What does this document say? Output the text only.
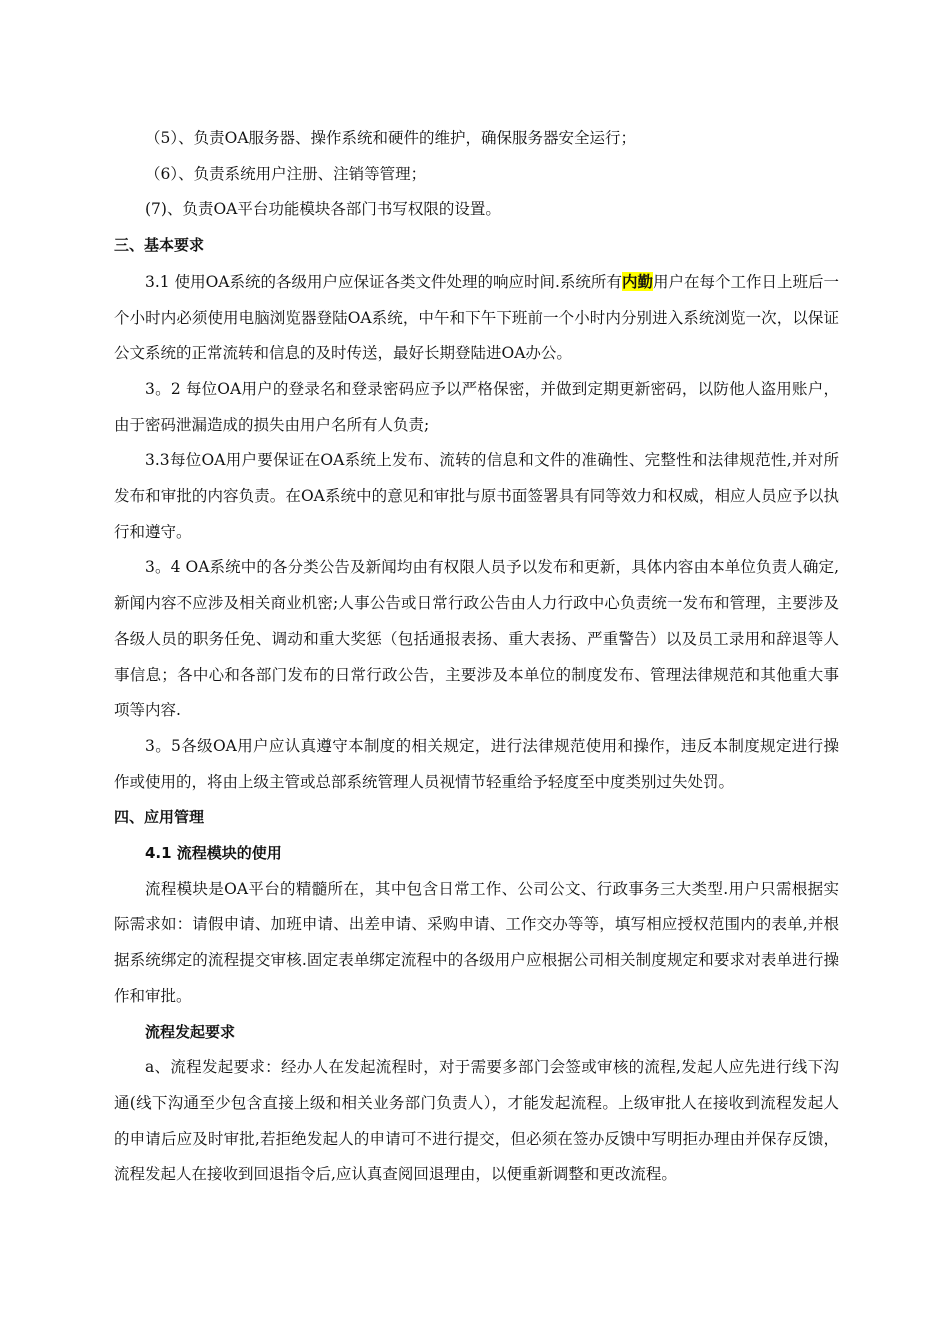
（5）、负责OA服务器、操作系统和硬件的维护，确保服务器安全运行；

（6）、负责系统用户注册、注销等管理；

(7)、负责OA平台功能模块各部门书写权限的设置。

三、基本要求

3.1 使用OA系统的各级用户应保证各类文件处理的响应时间.系统所有内勤用户在每个工作日上班后一个小时内必须使用电脑浏览器登陆OA系统，中午和下午下班前一个小时内分别进入系统浏览一次，以保证公文系统的正常流转和信息的及时传送，最好长期登陆进OA办公。

3。2 每位OA用户的登录名和登录密码应予以严格保密，并做到定期更新密码，以防他人盗用账户，由于密码泄漏造成的损失由用户名所有人负责;

3.3每位OA用户要保证在OA系统上发布、流转的信息和文件的准确性、完整性和法律规范性,并对所发布和审批的内容负责。在OA系统中的意见和审批与原书面签署具有同等效力和权威，相应人员应予以执行和遵守。

3。4 OA系统中的各分类公告及新闻均由有权限人员予以发布和更新，具体内容由本单位负责人确定,新闻内容不应涉及相关商业机密;人事公告或日常行政公告由人力行政中心负责统一发布和管理，主要涉及各级人员的职务任免、调动和重大奖惩（包括通报表扬、重大表扬、严重警告）以及员工录用和辞退等人事信息；各中心和各部门发布的日常行政公告，主要涉及本单位的制度发布、管理法律规范和其他重大事项等内容.

3。5各级OA用户应认真遵守本制度的相关规定，进行法律规范使用和操作，违反本制度规定进行操作或使用的，将由上级主管或总部系统管理人员视情节轻重给予轻度至中度类别过失处罚。

四、应用管理

4.1 流程模块的使用

流程模块是OA平台的精髓所在，其中包含日常工作、公司公文、行政事务三大类型.用户只需根据实际需求如：请假申请、加班申请、出差申请、采购申请、工作交办等等，填写相应授权范围内的表单,并根据系统绑定的流程提交审核.固定表单绑定流程中的各级用户应根据公司相关制度规定和要求对表单进行操作和审批。

流程发起要求

a、流程发起要求：经办人在发起流程时，对于需要多部门会签或审核的流程,发起人应先进行线下沟通(线下沟通至少包含直接上级和相关业务部门负责人），才能发起流程。上级审批人在接收到流程发起人的申请后应及时审批,若拒绝发起人的申请可不进行提交，但必须在签办反馈中写明拒办理由并保存反馈，流程发起人在接收到回退指令后,应认真查阅回退理由，以便重新调整和更改流程。
